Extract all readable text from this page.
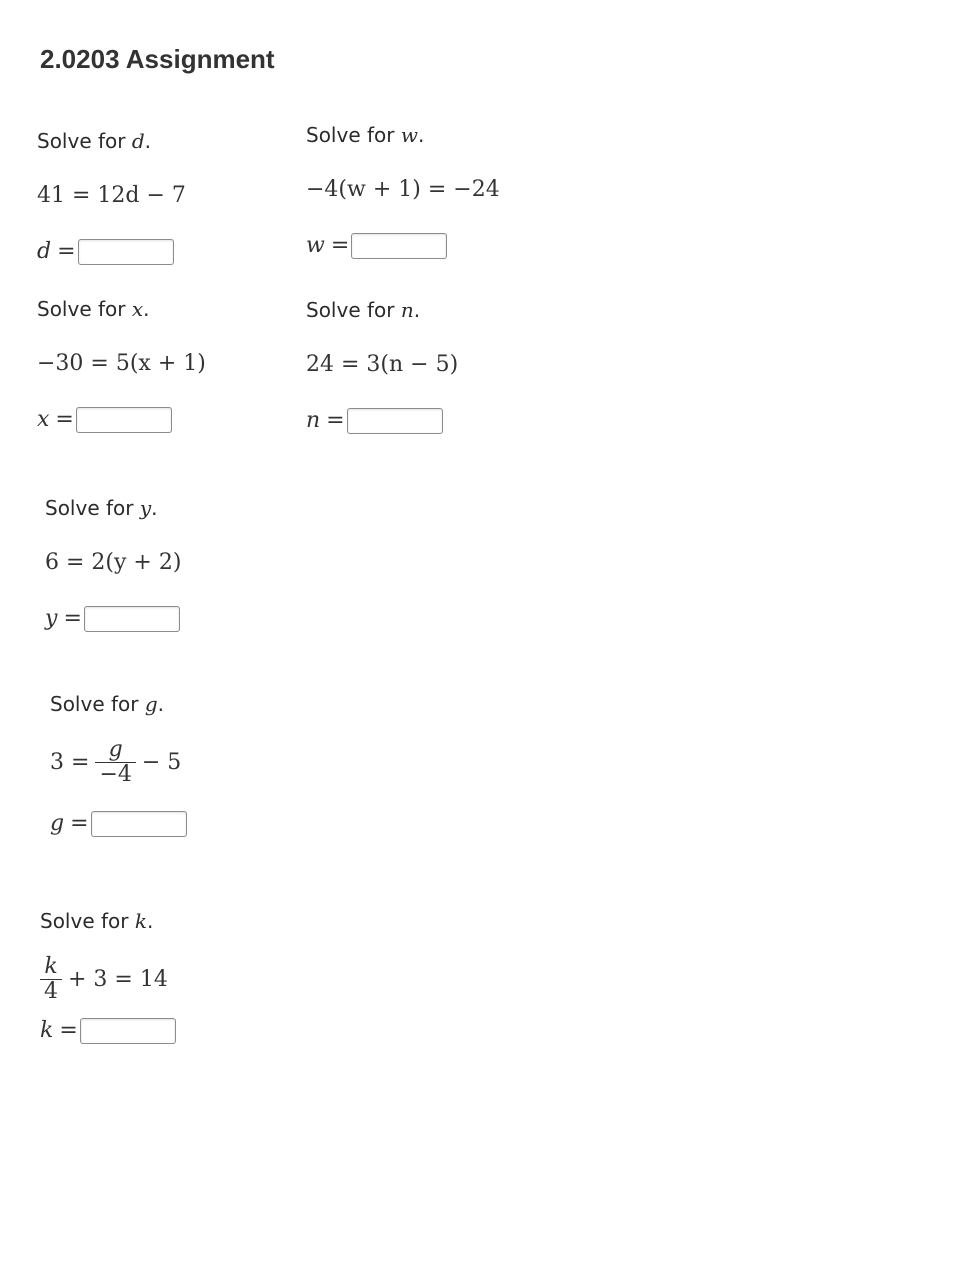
2.0203 Assignment
Solve for d.
41 = 12d − 7
d =
Solve for w.
−4(w + 1) = −24
w =
Solve for x.
−30 = 5(x + 1)
x =
Solve for n.
24 = 3(n − 5)
n =
Solve for y.
6 = 2(y + 2)
y =
Solve for g.
$3 = \frac{g}{-4} - 5$
g =
Solve for k.
$\frac{k}{4} + 3 = 14$
k =
